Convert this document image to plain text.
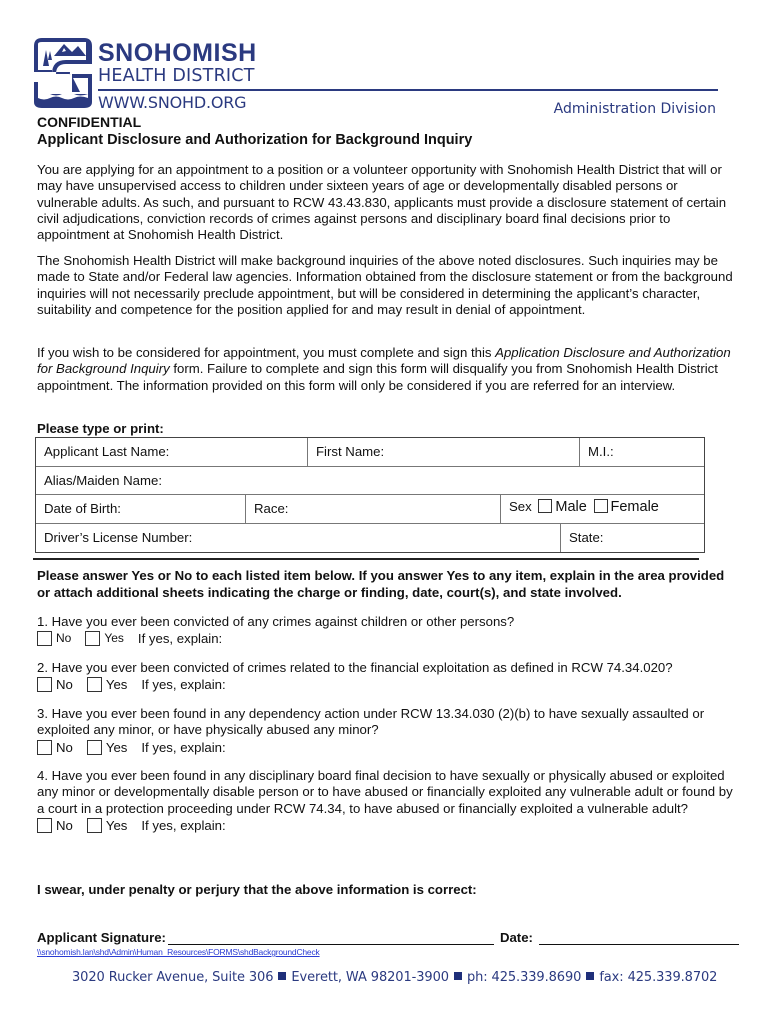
SNOHOMISH
HEALTH DISTRICT
WWW.SNOHD.ORG	Administration Division
CONFIDENTIAL
Applicant Disclosure and Authorization for Background Inquiry

You are applying for an appointment to a position or a volunteer opportunity with Snohomish Health District that will or may have unsupervised access to children under sixteen years of age or developmentally disabled persons or vulnerable adults. As such, and pursuant to RCW 43.43.830, applicants must provide a disclosure statement of certain civil adjudications, conviction records of crimes against persons and disciplinary board final decisions prior to appointment at Snohomish Health District.

The Snohomish Health District will make background inquiries of the above noted disclosures. Such inquiries may be made to State and/or Federal law agencies. Information obtained from the disclosure statement or from the background inquiries will not necessarily preclude appointment, but will be considered in determining the applicant’s character, suitability and competence for the position applied for and may result in denial of appointment.

If you wish to be considered for appointment, you must complete and sign this Application Disclosure and Authorization for Background Inquiry form. Failure to complete and sign this form will disqualify you from Snohomish Health District appointment. The information provided on this form will only be considered if you are referred for an interview.

Please type or print:
Applicant Last Name:	First Name:	M.I.:
Alias/Maiden Name:
Date of Birth:	Race:	Sex Male Female
Driver’s License Number:	State:
Please answer Yes or No to each listed item below. If you answer Yes to any item, explain in the area provided or attach additional sheets indicating the charge or finding, date, court(s), and state involved.
1. Have you ever been convicted of any crimes against children or other persons?
No	Yes If yes, explain:
2. Have you ever been convicted of crimes related to the financial exploitation as defined in RCW 74.34.020?
No	Yes If yes, explain:
3. Have you ever been found in any dependency action under RCW 13.34.030 (2)(b) to have sexually assaulted or exploited any minor, or have physically abused any minor?
No	Yes If yes, explain:
4. Have you ever been found in any disciplinary board final decision to have sexually or physically abused or exploited any minor or developmentally disable person or to have abused or financially exploited any vulnerable adult or found by a court in a protection proceeding under RCW 74.34, to have abused or financially exploited a vulnerable adult?
No	Yes If yes, explain:
I swear, under penalty or perjury that the above information is correct:
Applicant Signature:	Date:
\\snohomish.lan\shd\Admin\Human_Resources\FORMS\shdBackgroundCheck
3020 Rucker Avenue, Suite 306 Everett, WA 98201-3900 ph: 425.339.8690 fax: 425.339.8702
